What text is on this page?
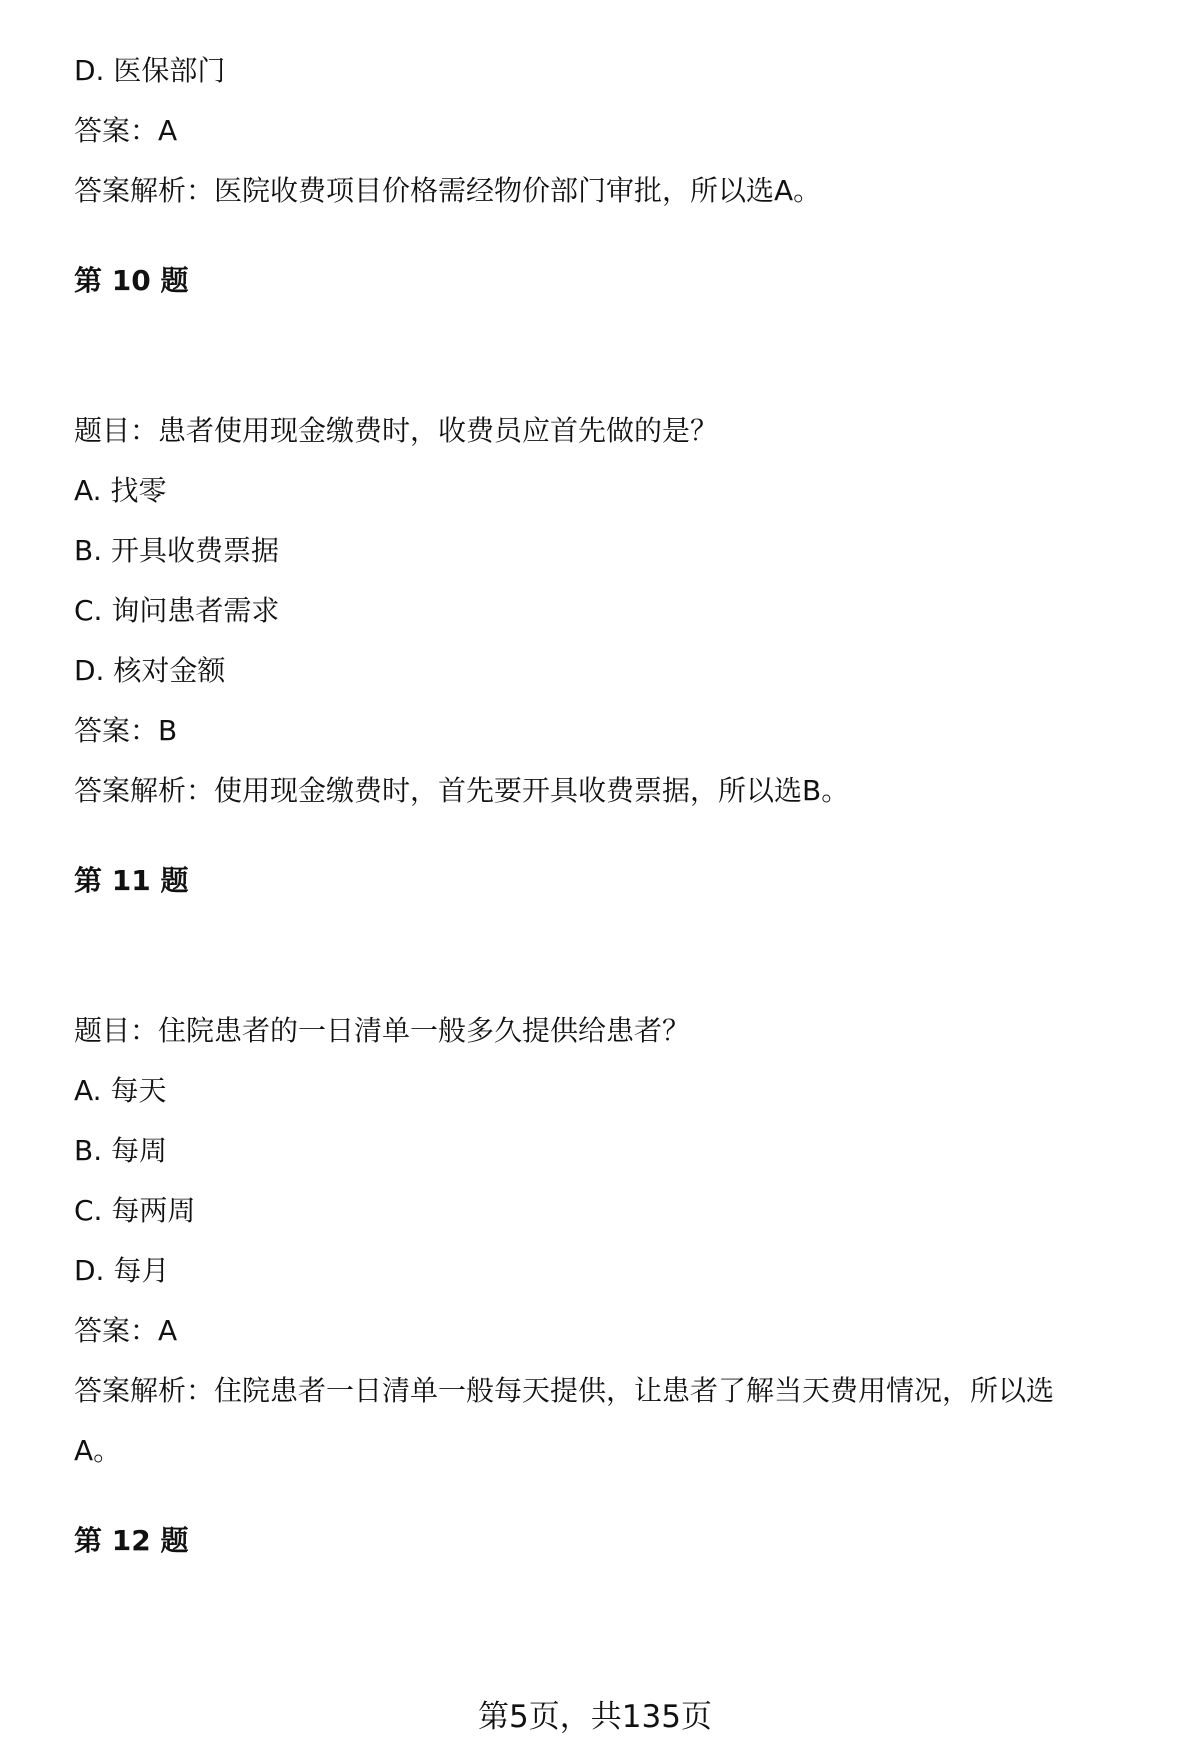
D. 医保部门
答案：A
答案解析：医院收费项目价格需经物价部门审批，所以选A。
第 10 题
题目：患者使用现金缴费时，收费员应首先做的是？
A. 找零
B. 开具收费票据
C. 询问患者需求
D. 核对金额
答案：B
答案解析：使用现金缴费时，首先要开具收费票据，所以选B。
第 11 题
题目：住院患者的一日清单一般多久提供给患者？
A. 每天
B. 每周
C. 每两周
D. 每月
答案：A
答案解析：住院患者一日清单一般每天提供，让患者了解当天费用情况，所以选
A。
第 12 题
第5页，共135页
